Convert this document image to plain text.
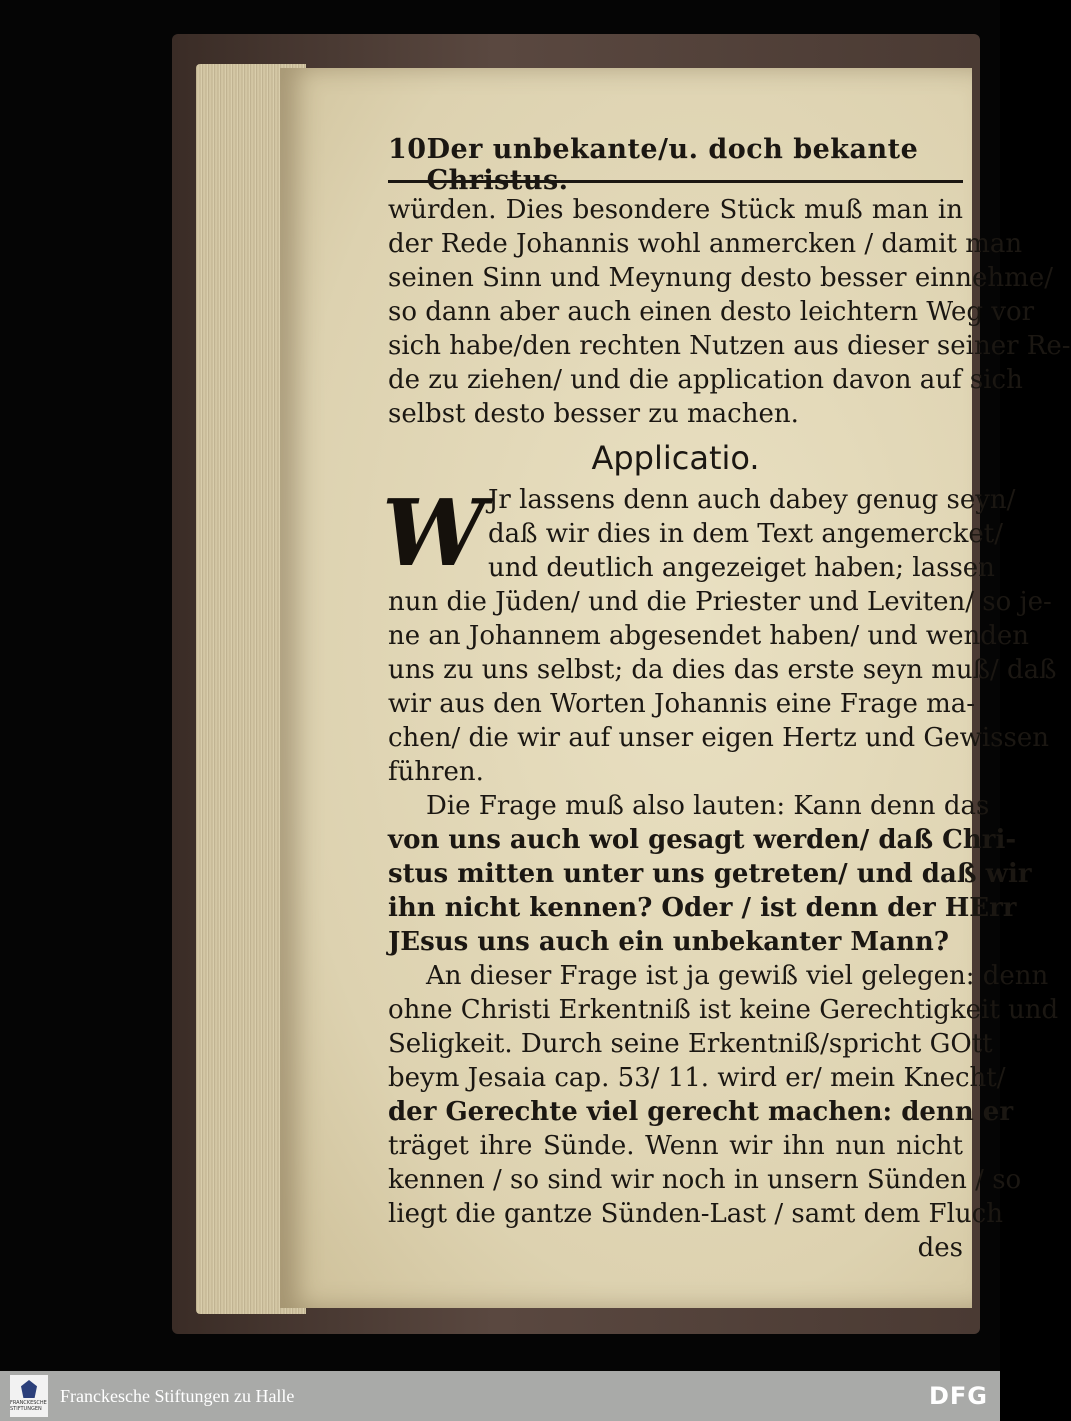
10 Der unbekante/u. doch bekante Christus.
würden. Dies besondere Stück muß man in
der Rede Johannis wohl anmercken / damit man
seinen Sinn und Meynung desto besser einnehme/
so dann aber auch einen desto leichtern Weg vor
sich habe/den rechten Nutzen aus dieser seiner Re-
de zu ziehen/ und die application davon auf sich
selbst desto besser zu machen.
Applicatio.
W Jr lassens denn auch dabey genug seyn/
daß wir dies in dem Text angemercket/
und deutlich angezeiget haben; lassen
nun die Jüden/ und die Priester und Leviten/ so je-
ne an Johannem abgesendet haben/ und wenden
uns zu uns selbst; da dies das erste seyn muß/ daß
wir aus den Worten Johannis eine Frage ma-
chen/ die wir auf unser eigen Hertz und Gewissen
führen.
Die Frage muß also lauten: Kann denn das
von uns auch wol gesagt werden/ daß Chri-
stus mitten unter uns getreten/ und daß wir
ihn nicht kennen? Oder / ist denn der HErr
JEsus uns auch ein unbekanter Mann?
An dieser Frage ist ja gewiß viel gelegen: denn
ohne Christi Erkentniß ist keine Gerechtigkeit und
Seligkeit. Durch seine Erkentniß/spricht GOtt
beym Jesaia cap. 53/ 11. wird er/ mein Knecht/
der Gerechte viel gerecht machen: denn er
träget ihre Sünde. Wenn wir ihn nun nicht
kennen / so sind wir noch in unsern Sünden / so
liegt die gantze Sünden-Last / samt dem Fluch
des
FRANCKESCHE STIFTUNGEN
Franckesche Stiftungen zu Halle	DFG
